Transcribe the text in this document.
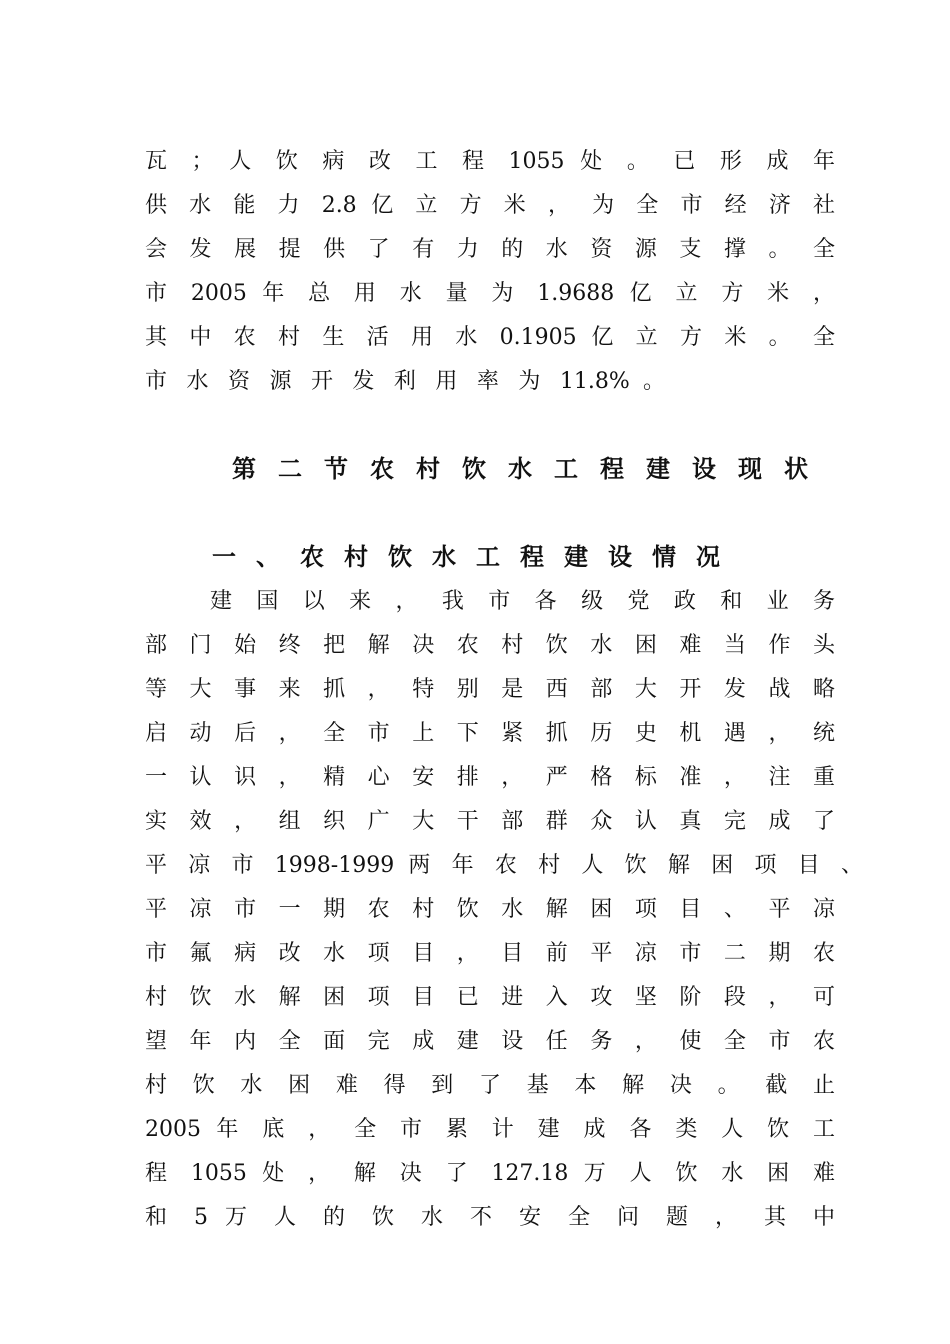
瓦 ； 人 饮 病 改 工 程 1055 处 。 已 形 成 年
供 水 能 力 2.8 亿 立 方 米 ， 为 全 市 经 济 社
会 发 展 提 供 了 有 力 的 水 资 源 支 撑 。 全
市 2005 年 总 用 水 量 为 1.9688 亿 立 方 米 ，
其 中 农 村 生 活 用 水 0.1905 亿 立 方 米 。 全
市 水 资 源 开 发 利 用 率 为 11.8% 。
第 二 节 农 村 饮 水 工 程 建 设 现 状
一 、 农 村 饮 水 工 程 建 设 情 况
建 国 以 来 ， 我 市 各 级 党 政 和 业 务
部 门 始 终 把 解 决 农 村 饮 水 困 难 当 作 头
等 大 事 来 抓 ， 特 别 是 西 部 大 开 发 战 略
启 动 后 ， 全 市 上 下 紧 抓 历 史 机 遇 ， 统
一 认 识 ， 精 心 安 排 ， 严 格 标 准 ， 注 重
实 效 ， 组 织 广 大 干 部 群 众 认 真 完 成 了
平 凉 市 1998-1999 两 年 农 村 人 饮 解 困 项 目 、
平 凉 市 一 期 农 村 饮 水 解 困 项 目 、 平 凉
市 氟 病 改 水 项 目 ， 目 前 平 凉 市 二 期 农
村 饮 水 解 困 项 目 已 进 入 攻 坚 阶 段 ， 可
望 年 内 全 面 完 成 建 设 任 务 ， 使 全 市 农
村 饮 水 困 难 得 到 了 基 本 解 决 。 截 止
2005 年 底 ， 全 市 累 计 建 成 各 类 人 饮 工
程 1055 处 ， 解 决 了 127.18 万 人 饮 水 困 难
和 5 万 人 的 饮 水 不 安 全 问 题 ， 其 中
